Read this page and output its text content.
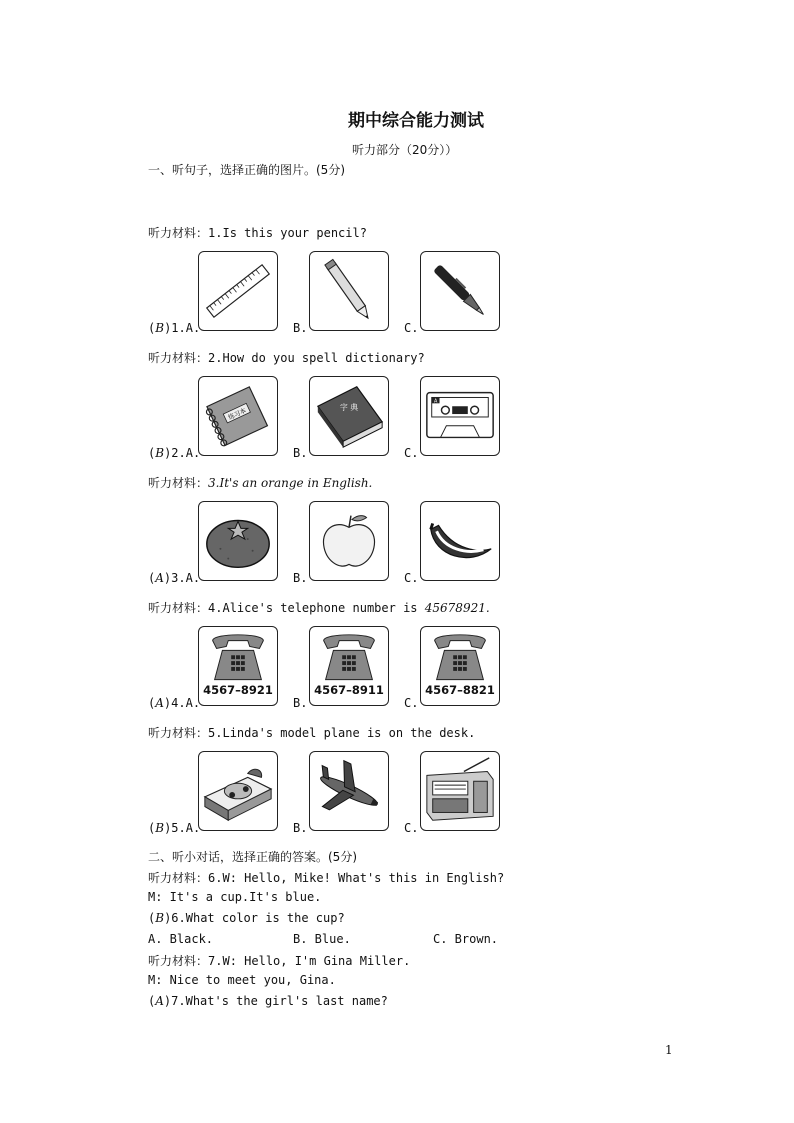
期中综合能力测试
听力部分（20分））
一、听句子，选择正确的图片。(5分)
听力材料：1.Is this your pencil?
(B)1.A.	B.	C.
听力材料：2.How do you spell dictionary?
练习本	字 典
A
(B)2.A.	B.	C.
听力材料：3.It's an orange in English.
(A)3.A.	B.	C.
听力材料：4.Alice's telephone number is 45678921.
4567–8921	4567–8911	4567–8821
(A)4.A.	B.	C.
听力材料：5.Linda's model plane is on the desk.
(B)5.A.	B.	C.
二、听小对话，选择正确的答案。(5分)
听力材料：6.W: Hello, Mike! What's this in English?
M: It's a cup.It's blue.
(B)6.What color is the cup?
A. Black.	B. Blue.	C. Brown.
听力材料：7.W: Hello, I'm Gina Miller.
M: Nice to meet you, Gina.
(A)7.What's the girl's last name?
1
